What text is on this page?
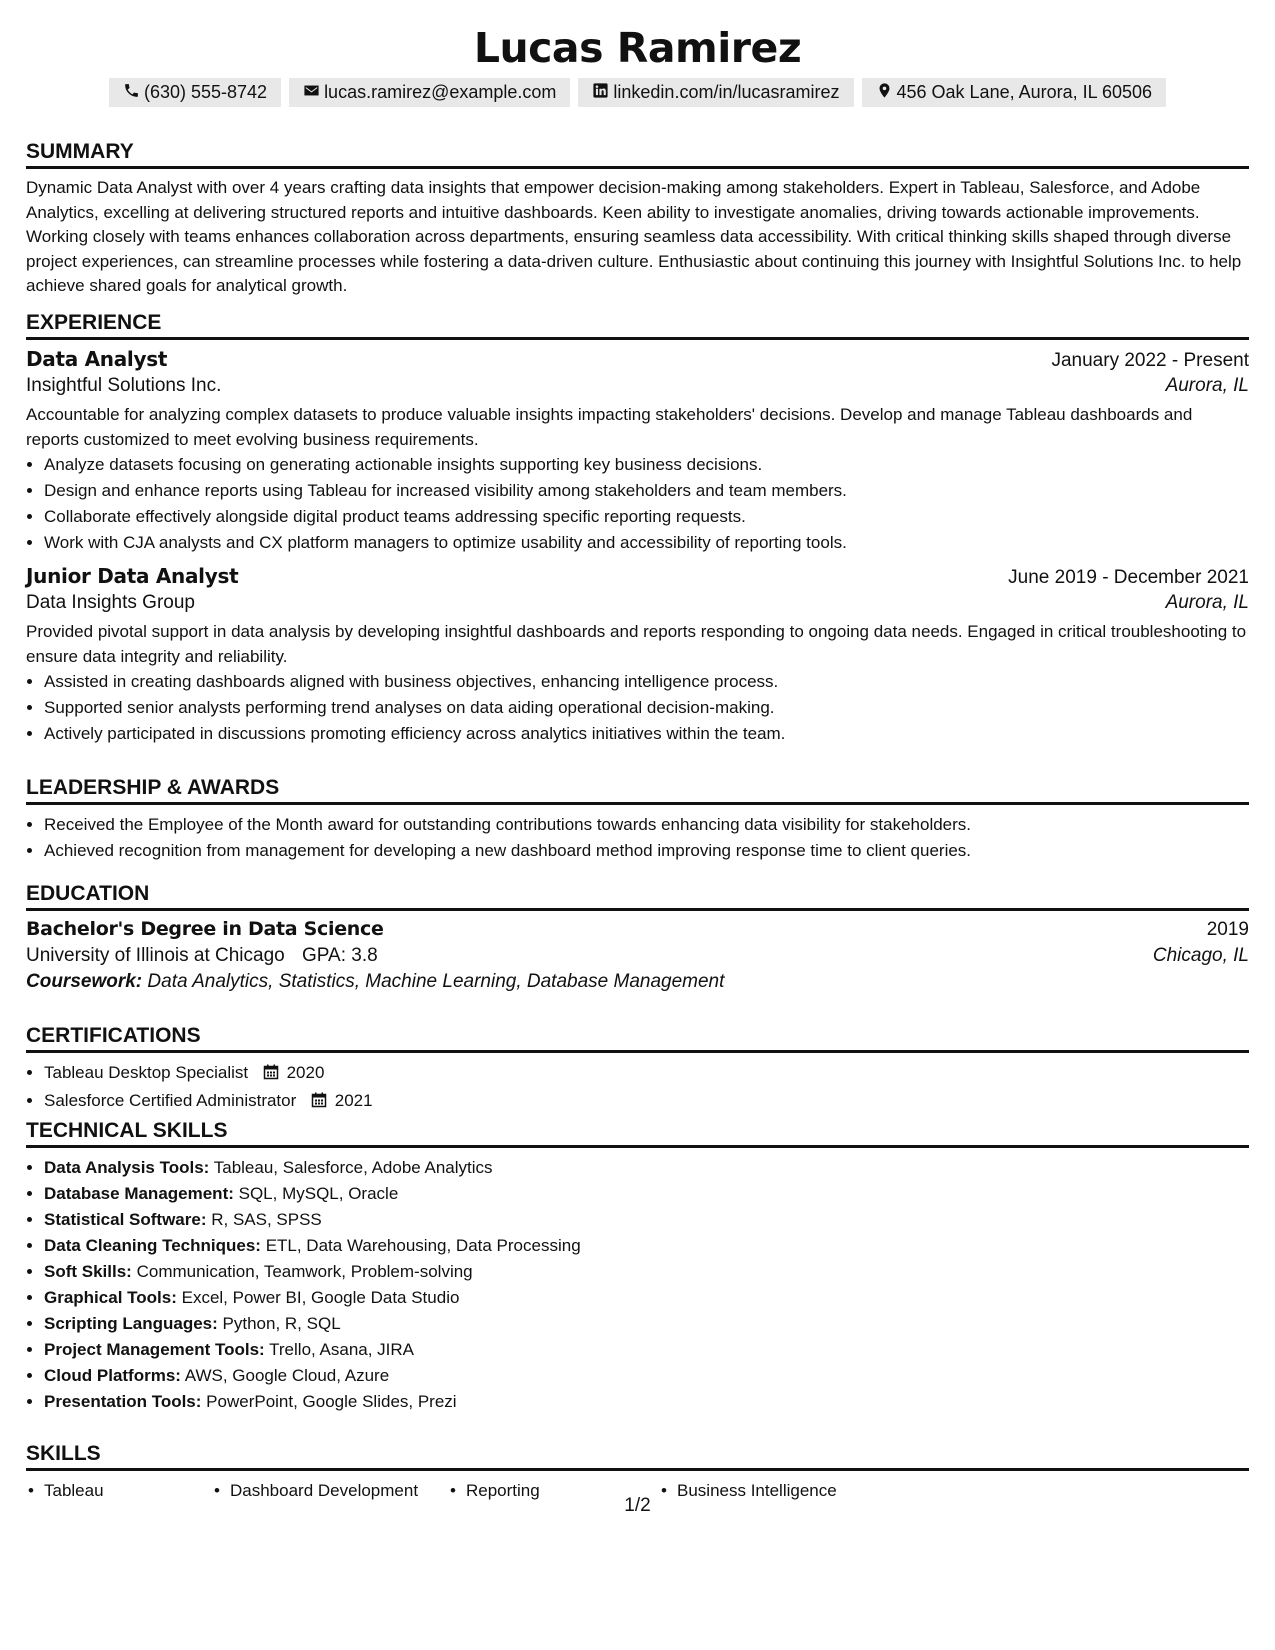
Lucas Ramirez
(630) 555-8742	lucas.ramirez@example.com	linkedin.com/in/lucasramirez	456 Oak Lane, Aurora, IL 60506
SUMMARY
Dynamic Data Analyst with over 4 years crafting data insights that empower decision-making among stakeholders. Expert in Tableau, Salesforce, and Adobe Analytics, excelling at delivering structured reports and intuitive dashboards. Keen ability to investigate anomalies, driving towards actionable improvements. Working closely with teams enhances collaboration across departments, ensuring seamless data accessibility. With critical thinking skills shaped through diverse project experiences, can streamline processes while fostering a data-driven culture. Enthusiastic about continuing this journey with Insightful Solutions Inc. to help achieve shared goals for analytical growth.
EXPERIENCE
Data Analyst	January 2022 - Present
Insightful Solutions Inc.	Aurora, IL
Accountable for analyzing complex datasets to produce valuable insights impacting stakeholders' decisions. Develop and manage Tableau dashboards and reports customized to meet evolving business requirements.
• Analyze datasets focusing on generating actionable insights supporting key business decisions.
• Design and enhance reports using Tableau for increased visibility among stakeholders and team members.
• Collaborate effectively alongside digital product teams addressing specific reporting requests.
• Work with CJA analysts and CX platform managers to optimize usability and accessibility of reporting tools.
Junior Data Analyst	June 2019 - December 2021
Data Insights Group	Aurora, IL
Provided pivotal support in data analysis by developing insightful dashboards and reports responding to ongoing data needs. Engaged in critical troubleshooting to ensure data integrity and reliability.
• Assisted in creating dashboards aligned with business objectives, enhancing intelligence process.
• Supported senior analysts performing trend analyses on data aiding operational decision-making.
• Actively participated in discussions promoting efficiency across analytics initiatives within the team.
LEADERSHIP & AWARDS
• Received the Employee of the Month award for outstanding contributions towards enhancing data visibility for stakeholders.
• Achieved recognition from management for developing a new dashboard method improving response time to client queries.
EDUCATION
Bachelor's Degree in Data Science	2019
University of Illinois at Chicago GPA: 3.8	Chicago, IL
Coursework: Data Analytics, Statistics, Machine Learning, Database Management
CERTIFICATIONS
• Tableau Desktop Specialist 2020
• Salesforce Certified Administrator 2021
TECHNICAL SKILLS
• Data Analysis Tools: Tableau, Salesforce, Adobe Analytics
• Database Management: SQL, MySQL, Oracle
• Statistical Software: R, SAS, SPSS
• Data Cleaning Techniques: ETL, Data Warehousing, Data Processing
• Soft Skills: Communication, Teamwork, Problem-solving
• Graphical Tools: Excel, Power BI, Google Data Studio
• Scripting Languages: Python, R, SQL
• Project Management Tools: Trello, Asana, JIRA
• Cloud Platforms: AWS, Google Cloud, Azure
• Presentation Tools: PowerPoint, Google Slides, Prezi
SKILLS
• Tableau	• Dashboard Development	• Reporting	• Business Intelligence
1/2
